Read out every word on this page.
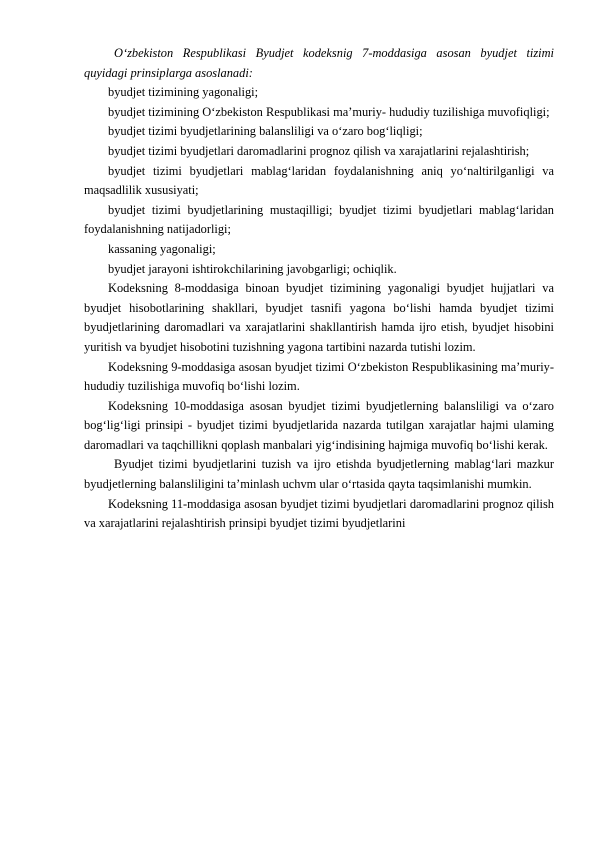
O‘zbekiston Respublikasi Byudjet kodeksnig 7-moddasiga asosan byudjet tizimi quyidagi prinsiplarga asoslanadi:

byudjet tizimining yagonaligi;

byudjet tizimining O‘zbekiston Respublikasi ma’muriy- hududiy tuzilishiga muvofiqligi;

byudjet tizimi byudjetlarining balansliligi va o‘zaro bog‘liqligi;

byudjet tizimi byudjetlari daromadlarini prognoz qilish va xarajatlarini rejalashtirish;

byudjet tizimi byudjetlari mablag‘laridan foydalanishning aniq yo‘naltirilganligi va maqsadlilik xususiyati;

byudjet tizimi byudjetlarining mustaqilligi; byudjet tizimi byudjetlari mablag‘laridan foydalanishning natijadorligi;

kassaning yagonaligi;

byudjet jarayoni ishtirokchilarining javobgarligi; ochiqlik.

Kodeksning 8-moddasiga binoan byudjet tizimining yagonaligi byudjet hujjatlari va byudjet hisobotlarining shakllari, byudjet tasnifi yagona bo‘lishi hamda byudjet tizimi byudjetlarining daromadlari va xarajatlarini shakllantirish hamda ijro etish, byudjet hisobini yuritish va byudjet hisobotini tuzishning yagona tartibini nazarda tutishi lozim.

Kodeksning 9-moddasiga asosan byudjet tizimi O‘zbekiston Respublikasining ma’muriy-hududiy tuzilishiga muvofiq bo‘lishi lozim.

Kodeksning 10-moddasiga asosan byudjet tizimi byudjetlerning balansliligi va o‘zaro bog‘lig‘ligi prinsipi - byudjet tizimi byudjetlarida nazarda tutilgan xarajatlar hajmi ulaming daromadlari va taqchillikni qoplash manbalari yig‘indisining hajmiga muvofiq bo‘lishi kerak.

Byudjet tizimi byudjetlarini tuzish va ijro etishda byudjetlerning mablag‘lari mazkur byudjetlerning balansliligini ta’minlash uchvm ular o‘rtasida qayta taqsimlanishi mumkin.

Kodeksning 11-moddasiga asosan byudjet tizimi byudjetlari daromadlarini prognoz qilish va xarajatlarini rejalashtirish prinsipi byudjet tizimi byudjetlarini
